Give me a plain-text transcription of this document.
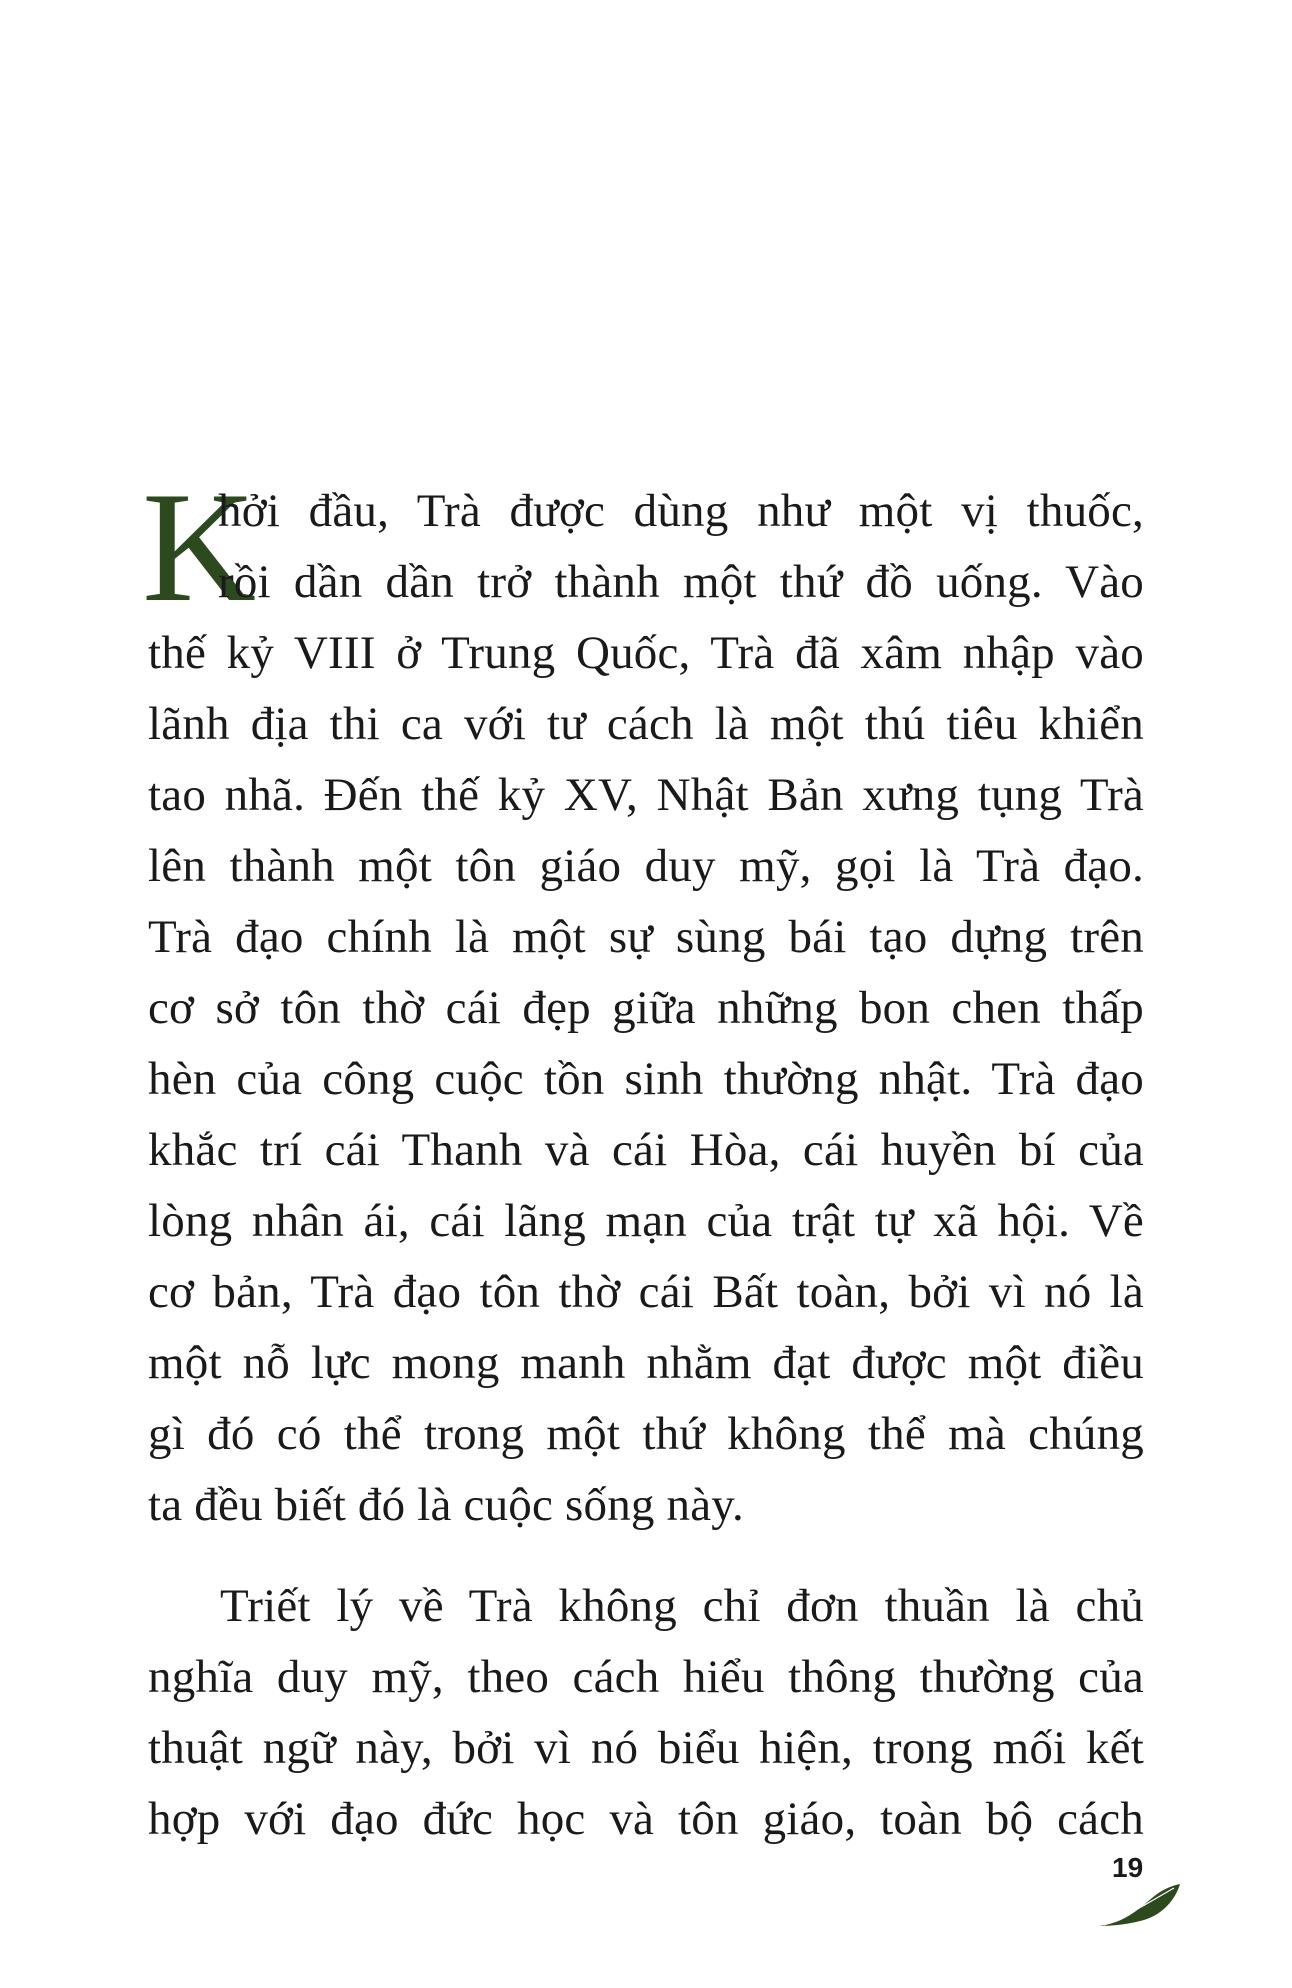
K
hởi đầu, Trà được dùng như một vị thuốc,
rồi dần dần trở thành một thứ đồ uống. Vào
thế kỷ VIII ở Trung Quốc, Trà đã xâm nhập vào
lãnh địa thi ca với tư cách là một thú tiêu khiển
tao nhã. Đến thế kỷ XV, Nhật Bản xưng tụng Trà
lên thành một tôn giáo duy mỹ, gọi là Trà đạo.
Trà đạo chính là một sự sùng bái tạo dựng trên
cơ sở tôn thờ cái đẹp giữa những bon chen thấp
hèn của công cuộc tồn sinh thường nhật. Trà đạo
khắc trí cái Thanh và cái Hòa, cái huyền bí của
lòng nhân ái, cái lãng mạn của trật tự xã hội. Về
cơ bản, Trà đạo tôn thờ cái Bất toàn, bởi vì nó là
một nỗ lực mong manh nhằm đạt được một điều
gì đó có thể trong một thứ không thể mà chúng
ta đều biết đó là cuộc sống này.
Triết lý về Trà không chỉ đơn thuần là chủ
nghĩa duy mỹ, theo cách hiểu thông thường của
thuật ngữ này, bởi vì nó biểu hiện, trong mối kết
hợp với đạo đức học và tôn giáo, toàn bộ cách
19
